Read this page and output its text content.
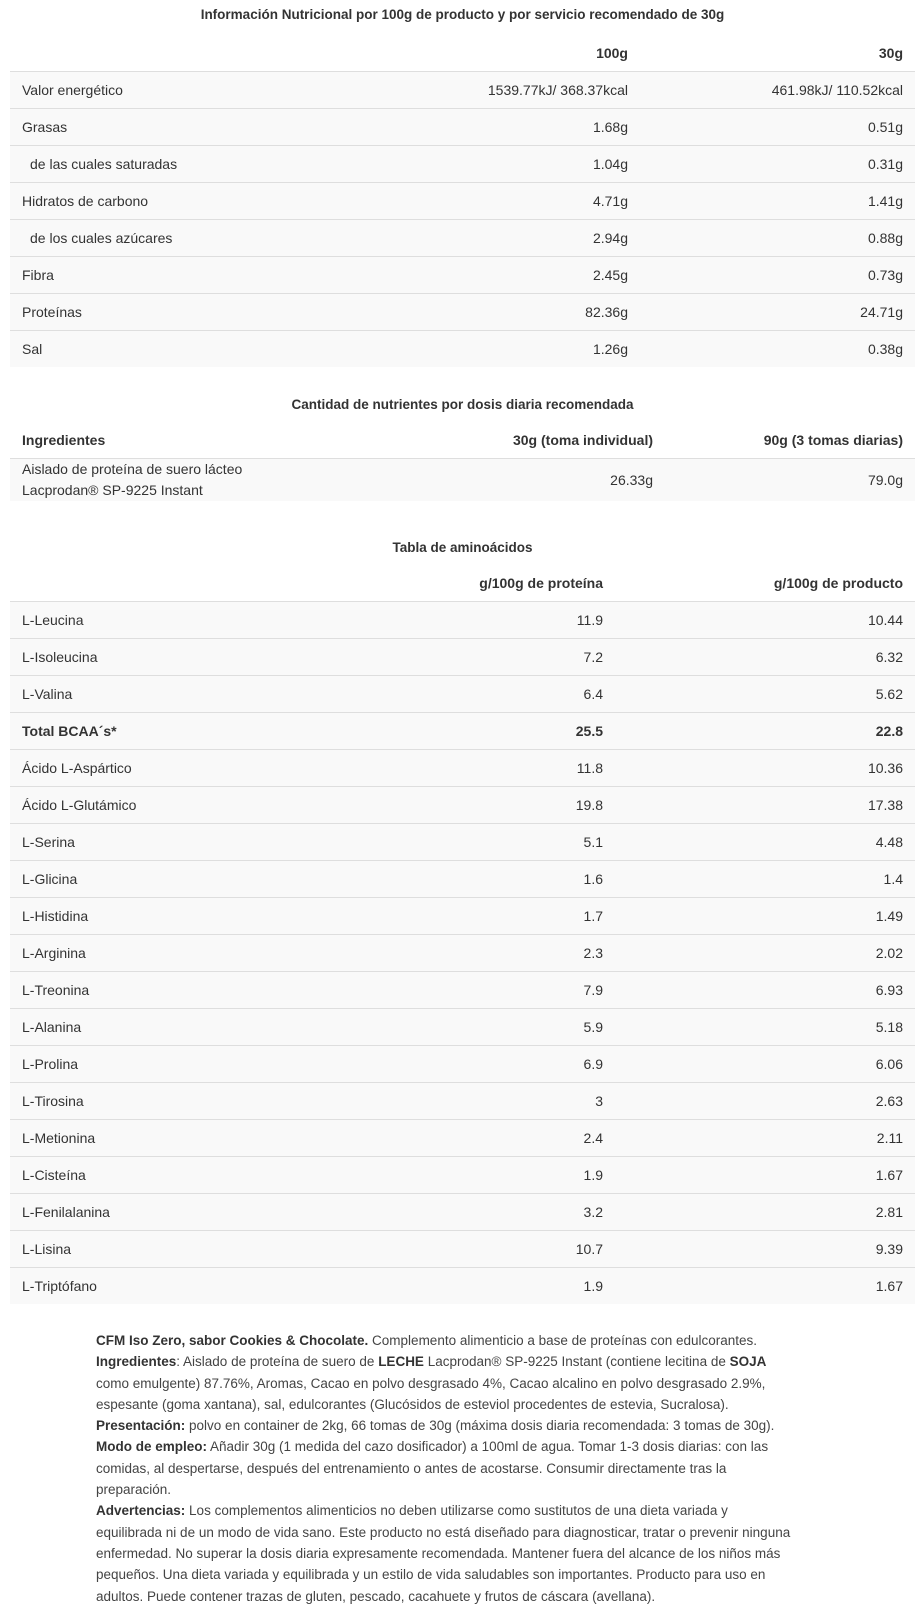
Información Nutricional por 100g de producto y por servicio recomendado de 30g
	100g	30g
Valor energético	1539.77kJ/ 368.37kcal	461.98kJ/ 110.52kcal
Grasas	1.68g	0.51g
de las cuales saturadas	1.04g	0.31g
Hidratos de carbono	4.71g	1.41g
de los cuales azúcares	2.94g	0.88g
Fibra	2.45g	0.73g
Proteínas	82.36g	24.71g
Sal	1.26g	0.38g
Cantidad de nutrientes por dosis diaria recomendada
Ingredientes	30g (toma individual)	90g (3 tomas diarias)
Aislado de proteína de suero lácteo
Lacprodan® SP-9225 Instant	26.33g	79.0g
Tabla de aminoácidos
	g/100g de proteína	g/100g de producto
L-Leucina	11.9	10.44
L-Isoleucina	7.2	6.32
L-Valina	6.4	5.62
Total BCAA´s*	25.5	22.8
Ácido L-Aspártico	11.8	10.36
Ácido L-Glutámico	19.8	17.38
L-Serina	5.1	4.48
L-Glicina	1.6	1.4
L-Histidina	1.7	1.49
L-Arginina	2.3	2.02
L-Treonina	7.9	6.93
L-Alanina	5.9	5.18
L-Prolina	6.9	6.06
L-Tirosina	3	2.63
L-Metionina	2.4	2.11
L-Cisteína	1.9	1.67
L-Fenilalanina	3.2	2.81
L-Lisina	10.7	9.39
L-Triptófano	1.9	1.67

CFM Iso Zero, sabor Cookies & Chocolate. Complemento alimenticio a base de proteínas con edulcorantes.

Ingredientes: Aislado de proteína de suero de LECHE Lacprodan® SP-9225 Instant (contiene lecitina de SOJA como emulgente) 87.76%, Aromas, Cacao en polvo desgrasado 4%, Cacao alcalino en polvo desgrasado 2.9%, espesante (goma xantana), sal, edulcorantes (Glucósidos de esteviol procedentes de estevia, Sucralosa).

Presentación: polvo en container de 2kg, 66 tomas de 30g (máxima dosis diaria recomendada: 3 tomas de 30g).

Modo de empleo: Añadir 30g (1 medida del cazo dosificador) a 100ml de agua. Tomar 1-3 dosis diarias: con las comidas, al despertarse, después del entrenamiento o antes de acostarse. Consumir directamente tras la preparación.

Advertencias: Los complementos alimenticios no deben utilizarse como sustitutos de una dieta variada y equilibrada ni de un modo de vida sano. Este producto no está diseñado para diagnosticar, tratar o prevenir ninguna enfermedad. No superar la dosis diaria expresamente recomendada. Mantener fuera del alcance de los niños más pequeños. Una dieta variada y equilibrada y un estilo de vida saludables son importantes. Producto para uso en adultos. Puede contener trazas de gluten, pescado, cacahuete y frutos de cáscara (avellana).
